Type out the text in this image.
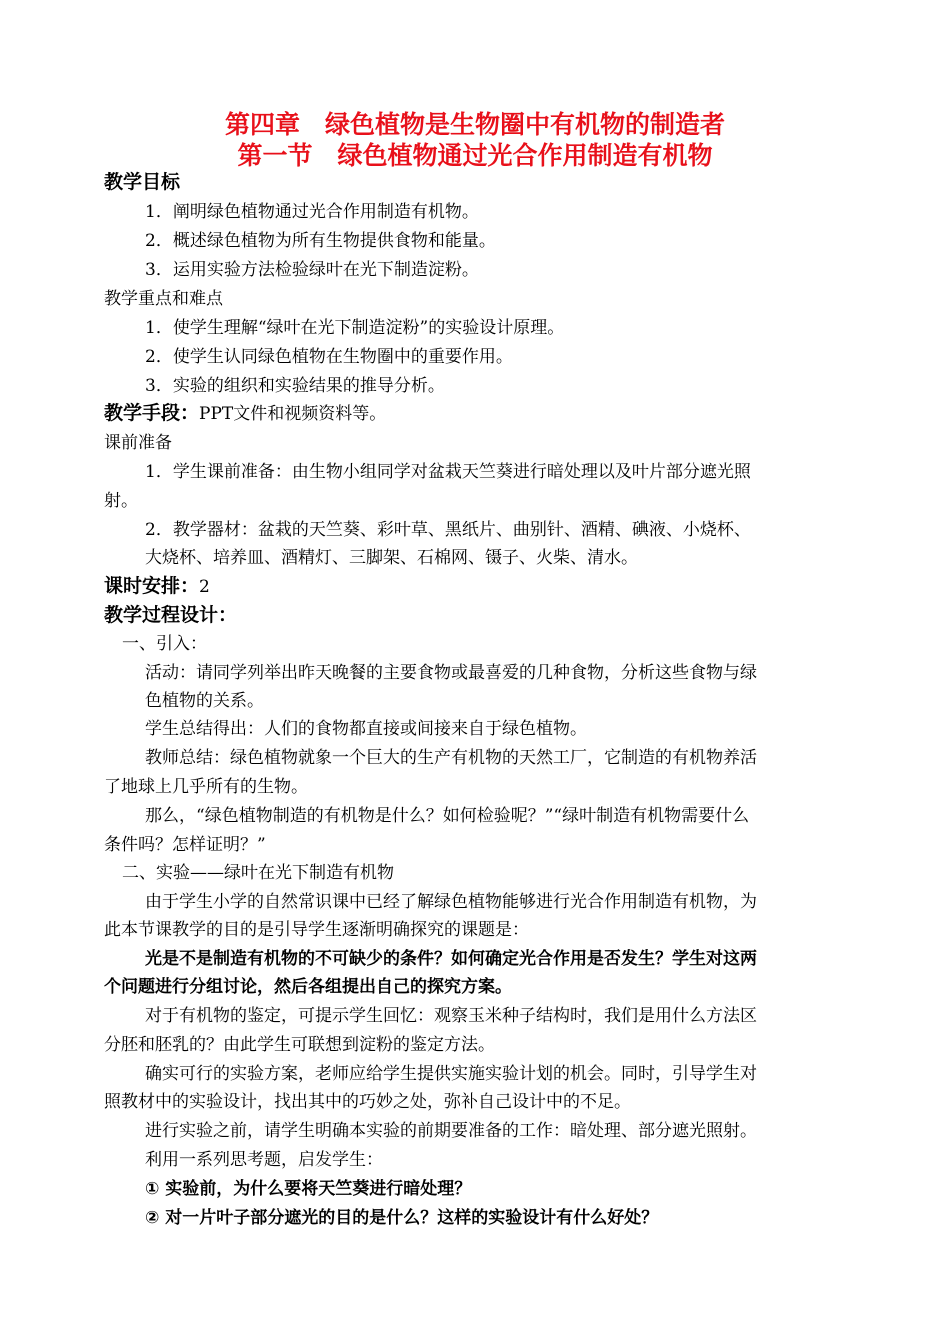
第四章　绿色植物是生物圈中有机物的制造者
第一节　绿色植物通过光合作用制造有机物
教学目标
1．阐明绿色植物通过光合作用制造有机物。
2．概述绿色植物为所有生物提供食物和能量。
3．运用实验方法检验绿叶在光下制造淀粉。
教学重点和难点
1．使学生理解“绿叶在光下制造淀粉”的实验设计原理。
2．使学生认同绿色植物在生物圈中的重要作用。
3．实验的组织和实验结果的推导分析。
教学手段：PPT文件和视频资料等。
课前准备
1．学生课前准备：由生物小组同学对盆栽天竺葵进行暗处理以及叶片部分遮光照
射。
2．教学器材：盆栽的天竺葵、彩叶草、黑纸片、曲别针、酒精、碘液、小烧杯、
大烧杯、培养皿、酒精灯、三脚架、石棉网、镊子、火柴、清水。
课时安排：2
教学过程设计：
一、引入：
活动：请同学列举出昨天晚餐的主要食物或最喜爱的几种食物，分析这些食物与绿
色植物的关系。
学生总结得出：人们的食物都直接或间接来自于绿色植物。
教师总结：绿色植物就象一个巨大的生产有机物的天然工厂，它制造的有机物养活
了地球上几乎所有的生物。
那么，“绿色植物制造的有机物是什么？如何检验呢？”“绿叶制造有机物需要什么
条件吗？怎样证明？”
二、实验——绿叶在光下制造有机物
由于学生小学的自然常识课中已经了解绿色植物能够进行光合作用制造有机物，为
此本节课教学的目的是引导学生逐渐明确探究的课题是：
光是不是制造有机物的不可缺少的条件？如何确定光合作用是否发生？学生对这两
个问题进行分组讨论，然后各组提出自己的探究方案。
对于有机物的鉴定，可提示学生回忆：观察玉米种子结构时，我们是用什么方法区
分胚和胚乳的？由此学生可联想到淀粉的鉴定方法。
确实可行的实验方案，老师应给学生提供实施实验计划的机会。同时，引导学生对
照教材中的实验设计，找出其中的巧妙之处，弥补自己设计中的不足。
进行实验之前，请学生明确本实验的前期要准备的工作：暗处理、部分遮光照射。
利用一系列思考题，启发学生：
① 实验前，为什么要将天竺葵进行暗处理？
② 对一片叶子部分遮光的目的是什么？这样的实验设计有什么好处？
